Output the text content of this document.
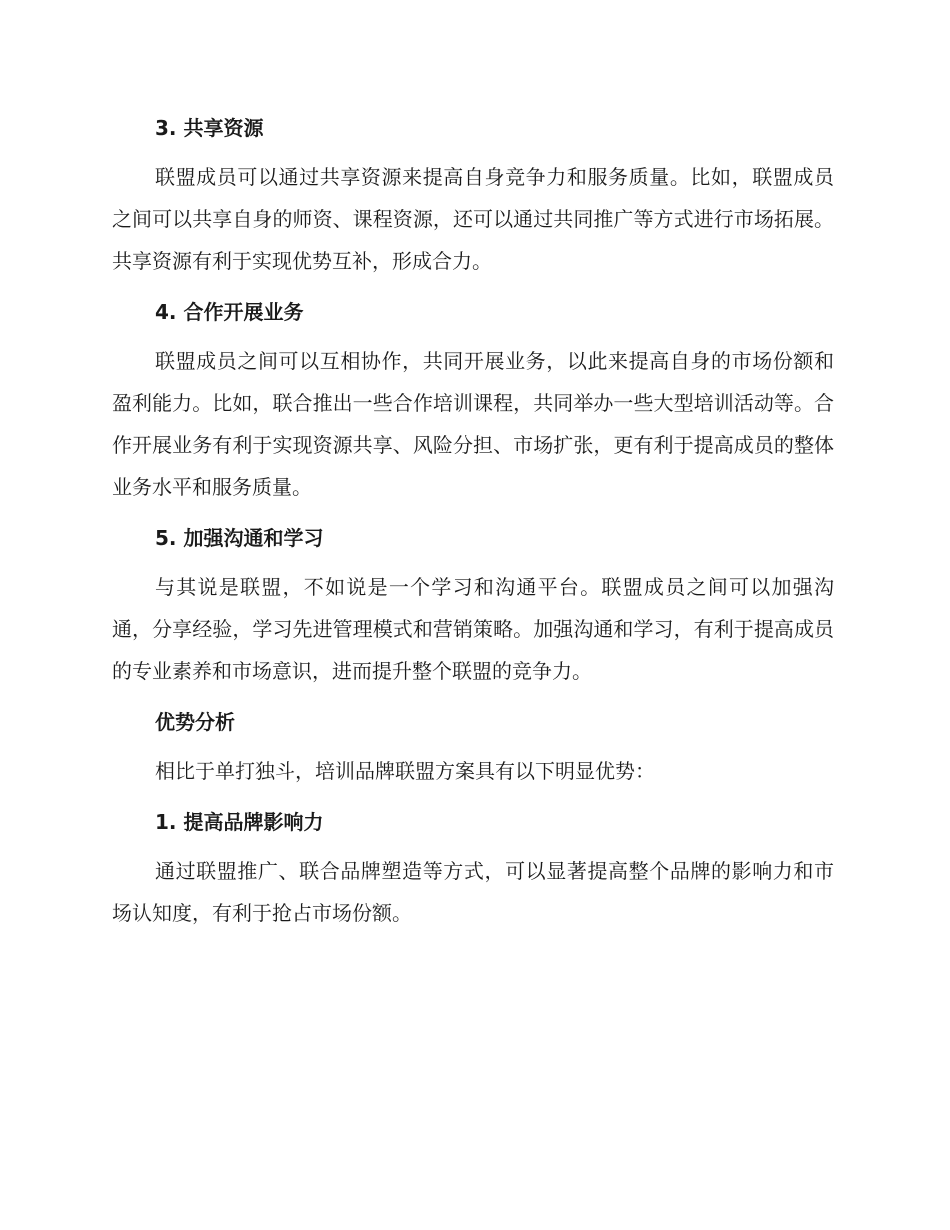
3. 共享资源

联盟成员可以通过共享资源来提高自身竞争力和服务质量。比如，联盟成员之间可以共享自身的师资、课程资源，还可以通过共同推广等方式进行市场拓展。共享资源有利于实现优势互补，形成合力。

4. 合作开展业务

联盟成员之间可以互相协作，共同开展业务，以此来提高自身的市场份额和盈利能力。比如，联合推出一些合作培训课程，共同举办一些大型培训活动等。合作开展业务有利于实现资源共享、风险分担、市场扩张，更有利于提高成员的整体业务水平和服务质量。

5. 加强沟通和学习

与其说是联盟，不如说是一个学习和沟通平台。联盟成员之间可以加强沟通，分享经验，学习先进管理模式和营销策略。加强沟通和学习，有利于提高成员的专业素养和市场意识，进而提升整个联盟的竞争力。

优势分析

相比于单打独斗，培训品牌联盟方案具有以下明显优势：

1. 提高品牌影响力

通过联盟推广、联合品牌塑造等方式，可以显著提高整个品牌的影响力和市场认知度，有利于抢占市场份额。
